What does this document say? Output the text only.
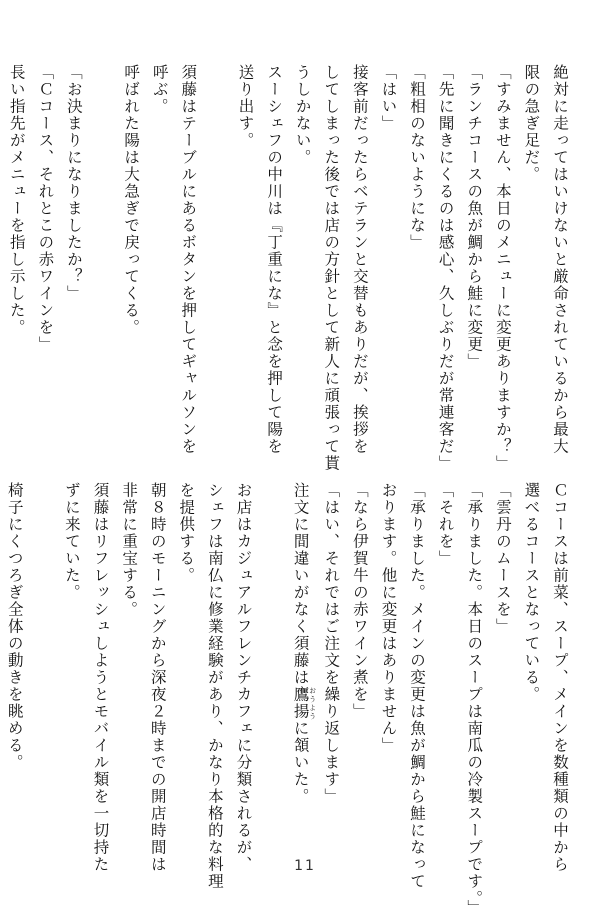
絶対に走ってはいけないと厳命されているから最大
限の急ぎ足だ。
「すみません、本日のメニューに変更ありますか？」
「ランチコースの魚が鯛から鮭に変更」
「先に聞きにくるのは感心、久しぶりだが常連客だ」
「粗相のないようにな」
「はい」
接客前だったらベテランと交替もありだが、挨拶を
してしまった後では店の方針として新人に頑張って貰
うしかない。
スーシェフの中川は『丁重にな』と念を押して陽を
送り出す。
須藤はテーブルにあるボタンを押してギャルソンを
呼ぶ。
呼ばれた陽は大急ぎで戻ってくる。
「お決まりになりましたか？」
「Ｃコース、それとこの赤ワインを」
長い指先がメニューを指し示した。
Ｃコースは前菜、スープ、メインを数種類の中から
選べるコースとなっている。
「雲丹のムースを」
「承りました。本日のスープは南瓜の冷製スープです。」
「それを」
「承りました。メインの変更は魚が鯛から鮭になって
おります。他に変更はありません」
「なら伊賀牛の赤ワイン煮を」
「はい、それではご注文を繰り返します」
注文に間違いがなく須藤は鷹揚 おうように頷いた。
お店はカジュアルフレンチカフェに分類されるが、
シェフは南仏に修業経験があり、かなり本格的な料理
を提供する。
朝８時のモーニングから深夜２時までの開店時間は
非常に重宝する。
須藤はリフレッシュしようとモバイル類を一切持た
ずに来ていた。
椅子にくつろぎ全体の動きを眺める。
11
